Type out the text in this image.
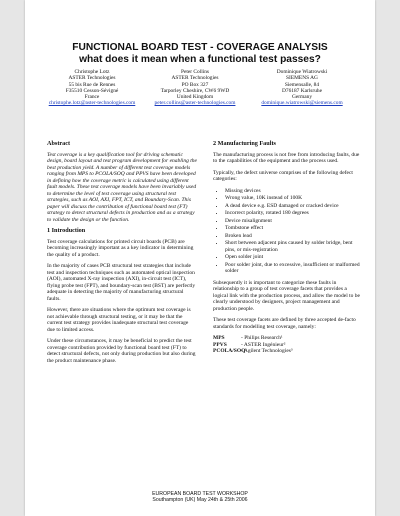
FUNCTIONAL BOARD TEST - COVERAGE ANALYSIS
what does it mean when a functional test passes?
Christophe Lotz
ASTER Technologies
55 bis Rue de Rennes
F35510 Cesson-Sévigné
France
christophe.lotz@aster-technologies.com
Peter Collins
ASTER Technologies
PO Box 327
Tarporley Cheshire, CW6 9WD
United Kingdom
peter.collins@aster-technologies.com
Dominique Wiatrowski
SIEMENS AG
Siemensalle, 84
D76187 Karlsruhe
Germany
dominique.wiatrowski@siemens.com
Abstract

Test coverage is a key qualification tool for driving schematic design, board layout and test program development for enabling the best production yield. A number of different test coverage models ranging from MPS to PCOLA/SOQ and PPVS have been developed in defining how the coverage metric is calculated using different fault models. These test coverage models have been invariably used to determine the level of test coverage using structural test strategies, such as AOI, AXI, FPT, ICT, and Boundary-Scan. This paper will discuss the contribution of functional board test (FT) strategy to detect structural defects in production and as a strategy to validate the design or the function.

1 Introduction

Test coverage calculations for printed circuit boards (PCB) are becoming increasingly important as a key indicator in determining the quality of a product.

In the majority of cases PCB structural test strategies that include test and inspection techniques such as automated optical inspection (AOI), automated X-ray inspection (AXI), in-circuit test (ICT), flying probe test (FPT), and boundary-scan test (BST) are perfectly adequate in detecting the majority of manufacturing structural faults.

However, there are situations where the optimum test coverage is not achievable through structural testing, or it may be that the current test strategy provides inadequate structural test coverage due to limited access.

Under these circumstances, it may be beneficial to predict the test coverage contribution provided by functional board test (FT) to detect structural defects, not only during production but also during the product maintenance phase.

2 Manufacturing Faults

The manufacturing process is not free from introducing faults, due to the capabilities of the equipment and the process used.

Typically, the defect universe comprises of the following defect categories:

• Missing devices
• Wrong value, 10K instead of 100K
• A dead device e.g. ESD damaged or cracked device
• Incorrect polarity, rotated 180 degrees
• Device misalignment
• Tombstone effect
• Broken lead
• Short between adjacent pins caused by solder bridge, bent pins, or mis-registration
• Open solder joint
• Poor solder joint, due to excessive, insufficient or malformed solder

Subsequently it is important to categorize these faults in relationship to a group of test coverage facets that provides a logical link with the production process, and allow the model to be clearly understood by designers, project management and production people.

These test coverage facets are defined by three accepted de-facto standards for modelling test coverage, namely:

MPS	- Philips Research¹
PPVS	- ASTER Ingénieur²
PCOLA/SOQ
- Agilent Technologies³
EUROPEAN BOARD TEST WORKSHOP
Southampton (UK) May 24th & 25th 2006
